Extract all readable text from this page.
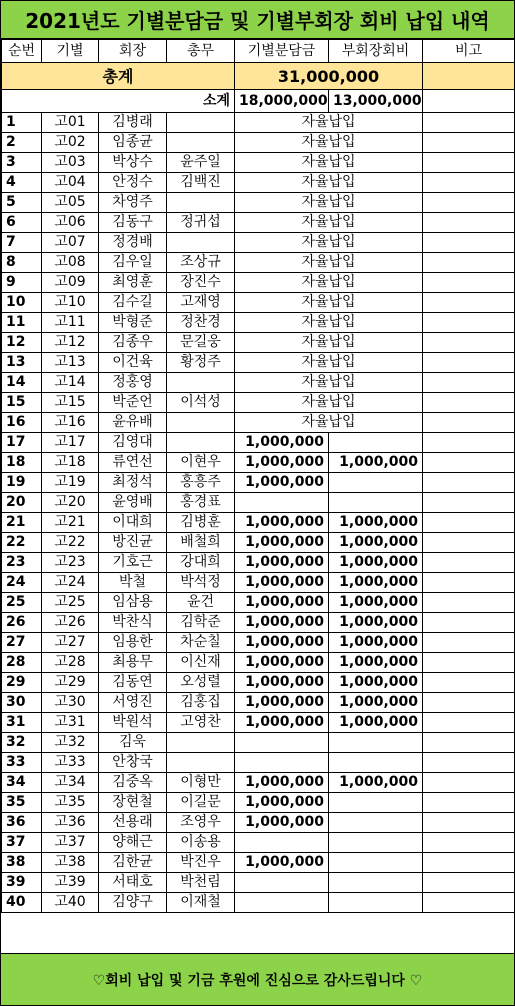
2021년도 기별분담금 및 기별부회장 회비 납입 내역
순번	기별	회장	총무	기별분담금	부회장회비	비고
총계				31,000,000		
소계				18,000,000	13,000,000	
1	고01	김병래		자율납입		
2	고02	임종균		자율납입		
3	고03	박상수	윤주일	자율납입		
4	고04	안정수	김백진	자율납입		
5	고05	차영주		자율납입		
6	고06	김동구	정귀섭	자율납입		
7	고07	정경배		자율납입		
8	고08	김우일	조상규	자율납입		
9	고09	최영훈	장진수	자율납입		
10	고10	김수길	고재영	자율납입		
11	고11	박형준	정찬경	자율납입		
12	고12	김종우	문길웅	자율납입		
13	고13	이건육	황정주	자율납입		
14	고14	정홍영		자율납입		
15	고15	박준언	이석성	자율납입		
16	고16	윤유배		자율납입		
17	고17	김영대		1,000,000		
18	고18	류연선	이현우	1,000,000	1,000,000	
19	고19	최정석	홍흥주	1,000,000		
20	고20	윤영배	홍경표			
21	고21	이대희	김병훈	1,000,000	1,000,000	
22	고22	방진균	배철희	1,000,000	1,000,000	
23	고23	기호근	강대희	1,000,000	1,000,000	
24	고24	박철	박석정	1,000,000	1,000,000	
25	고25	임삼용	윤건	1,000,000	1,000,000	
26	고26	박찬식	김학준	1,000,000	1,000,000	
27	고27	임용한	차순칠	1,000,000	1,000,000	
28	고28	최용무	이신재	1,000,000	1,000,000	
29	고29	김동연	오성렬	1,000,000	1,000,000	
30	고30	서영진	김홍집	1,000,000	1,000,000	
31	고31	박원석	고영찬	1,000,000	1,000,000	
32	고32	김욱				
33	고33	안창국				
34	고34	김중옥	이형만	1,000,000	1,000,000	
35	고35	장현철	이길문	1,000,000		
36	고36	선용래	조영우	1,000,000		
37	고37	양해근	이송용			
38	고38	김한균	박진우	1,000,000		
39	고39	서태호	박천림			
40	고40	김양구	이재철			
♡회비 납입 및 기금 후원에 진심으로 감사드립니다 ♡
